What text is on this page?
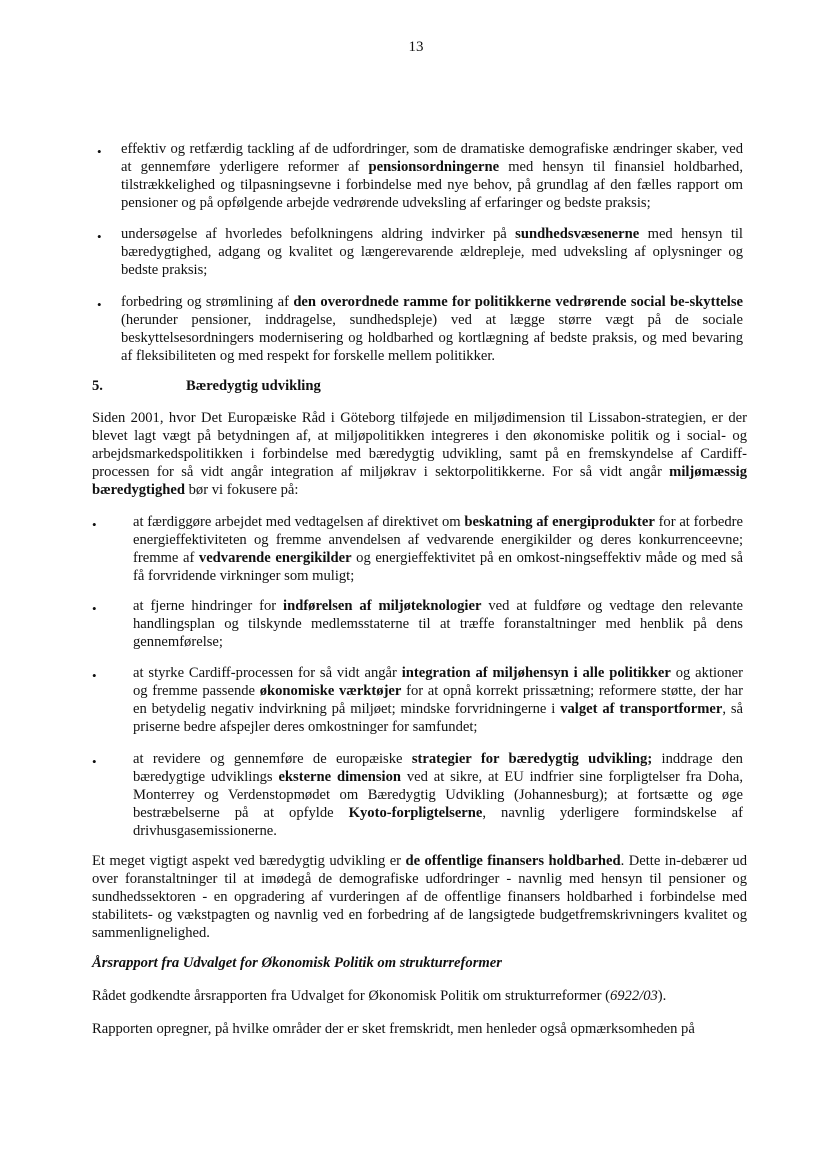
13
• effektiv og retfærdig tackling af de udfordringer, som de dramatiske demografiske ændringer skaber, ved at gennemføre yderligere reformer af pensionsordningerne med hensyn til finansiel holdbarhed, tilstrækkelighed og tilpasningsevne i forbindelse med nye behov, på grundlag af den fælles rapport om pensioner og på opfølgende arbejde vedrørende udveksling af erfaringer og bedste praksis;

• undersøgelse af hvorledes befolkningens aldring indvirker på sundhedsvæsenerne med hensyn til bæredygtighed, adgang og kvalitet og længerevarende ældrepleje, med udveksling af oplysninger og bedste praksis;

• forbedring og strømlining af den overordnede ramme for politikkerne vedrørende social be-skyttelse (herunder pensioner, inddragelse, sundhedspleje) ved at lægge større vægt på de sociale beskyttelsesordningers modernisering og holdbarhed og kortlægning af bedste praksis, og med bevaring af fleksibiliteten og med respekt for forskelle mellem politikker.

5.	Bæredygtig udvikling

Siden 2001, hvor Det Europæiske Råd i Göteborg tilføjede en miljødimension til Lissabon-strategien, er der blevet lagt vægt på betydningen af, at miljøpolitikken integreres i den økonomiske politik og i social- og arbejdsmarkedspolitikken i forbindelse med bæredygtig udvikling, samt på en fremskyndelse af Cardiff-processen for så vidt angår integration af miljøkrav i sektorpolitikkerne. For så vidt angår miljømæssig bæredygtighed bør vi fokusere på:

• at færdiggøre arbejdet med vedtagelsen af direktivet om beskatning af energiprodukter for at forbedre energieffektiviteten og fremme anvendelsen af vedvarende energikilder og deres konkurrenceevne; fremme af vedvarende energikilder og energieffektivitet på en omkost-ningseffektiv måde og med så få forvridende virkninger som muligt;

• at fjerne hindringer for indførelsen af miljøteknologier ved at fuldføre og vedtage den relevante handlingsplan og tilskynde medlemsstaterne til at træffe foranstaltninger med henblik på dens gennemførelse;

• at styrke Cardiff-processen for så vidt angår integration af miljøhensyn i alle politikker og aktioner og fremme passende økonomiske værktøjer for at opnå korrekt prissætning; reformere støtte, der har en betydelig negativ indvirkning på miljøet; mindske forvridningerne i valget af transportformer, så priserne bedre afspejler deres omkostninger for samfundet;

• at revidere og gennemføre de europæiske strategier for bæredygtig udvikling; inddrage den bæredygtige udviklings eksterne dimension ved at sikre, at EU indfrier sine forpligtelser fra Doha, Monterrey og Verdenstopmødet om Bæredygtig Udvikling (Johannesburg); at fortsætte og øge bestræbelserne på at opfylde Kyoto-forpligtelserne, navnlig yderligere formindskelse af drivhusgasemissionerne.

Et meget vigtigt aspekt ved bæredygtig udvikling er de offentlige finansers holdbarhed. Dette in-debærer ud over foranstaltninger til at imødegå de demografiske udfordringer - navnlig med hensyn til pensioner og sundhedssektoren - en opgradering af vurderingen af de offentlige finansers holdbarhed i forbindelse med stabilitets- og vækstpagten og navnlig ved en forbedring af de langsigtede budgetfremskrivningers kvalitet og sammenlignelighed.

Årsrapport fra Udvalget for Økonomisk Politik om strukturreformer

Rådet godkendte årsrapporten fra Udvalget for Økonomisk Politik om strukturreformer (6922/03).

Rapporten opregner, på hvilke områder der er sket fremskridt, men henleder også opmærksomheden på
